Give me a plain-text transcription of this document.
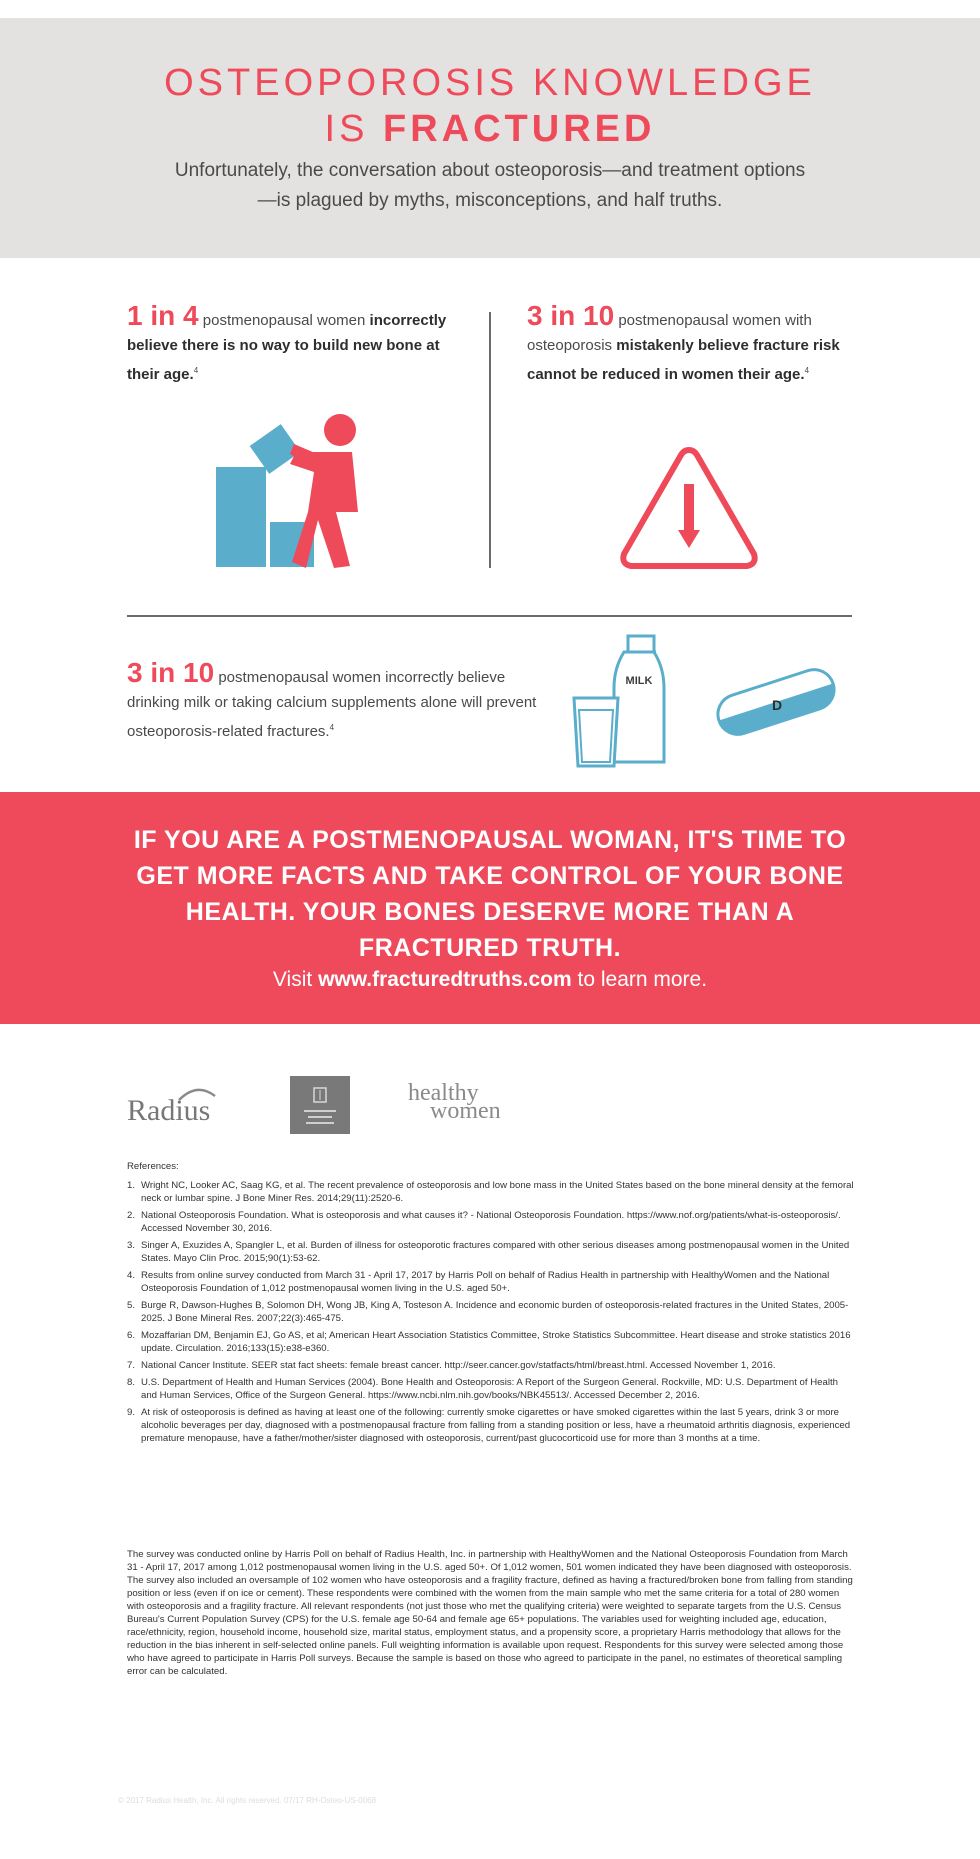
OSTEOPOROSIS KNOWLEDGE
IS FRACTURED
Unfortunately, the conversation about osteoporosis—and treatment options—is plagued by myths, misconceptions, and half truths.
1 in 4 postmenopausal women incorrectly believe there is no way to build new bone at their age.$^4$
3 in 10 postmenopausal women with osteoporosis mistakenly believe fracture risk cannot be reduced in women their age.$^4$
3 in 10 postmenopausal women incorrectly believe drinking milk or taking calcium supplements alone will prevent osteoporosis-related fractures.$^4$
MILK
D
IF YOU ARE A POSTMENOPAUSAL WOMAN, IT'S TIME TO GET MORE FACTS AND TAKE CONTROL OF YOUR BONE HEALTH. YOUR BONES DESERVE MORE THAN A FRACTURED TRUTH.
Visit www.fracturedtruths.com to learn more.
Radius
healthy
women
References:
1. Wright NC, Looker AC, Saag KG, et al. The recent prevalence of osteoporosis and low bone mass in the United States based on the bone mineral density at the femoral neck or lumbar spine. J Bone Miner Res. 2014;29(11):2520-6.
2. National Osteoporosis Foundation. What is osteoporosis and what causes it? - National Osteoporosis Foundation. https://www.nof.org/patients/what-is-osteoporosis/. Accessed November 30, 2016.
3. Singer A, Exuzides A, Spangler L, et al. Burden of illness for osteoporotic fractures compared with other serious diseases among postmenopausal women in the United States. Mayo Clin Proc. 2015;90(1):53-62.
4. Results from online survey conducted from March 31 - April 17, 2017 by Harris Poll on behalf of Radius Health in partnership with HealthyWomen and the National Osteoporosis Foundation of 1,012 postmenopausal women living in the U.S. aged 50+.
5. Burge R, Dawson-Hughes B, Solomon DH, Wong JB, King A, Tosteson A. Incidence and economic burden of osteoporosis-related fractures in the United States, 2005-2025. J Bone Mineral Res. 2007;22(3):465-475.
6. Mozaffarian DM, Benjamin EJ, Go AS, et al; American Heart Association Statistics Committee, Stroke Statistics Subcommittee. Heart disease and stroke statistics 2016 update. Circulation. 2016;133(15):e38-e360.
7. National Cancer Institute. SEER stat fact sheets: female breast cancer. http://seer.cancer.gov/statfacts/html/breast.html. Accessed November 1, 2016.
8. U.S. Department of Health and Human Services (2004). Bone Health and Osteoporosis: A Report of the Surgeon General. Rockville, MD: U.S. Department of Health and Human Services, Office of the Surgeon General. https://www.ncbi.nlm.nih.gov/books/NBK45513/. Accessed December 2, 2016.
9. At risk of osteoporosis is defined as having at least one of the following: currently smoke cigarettes or have smoked cigarettes within the last 5 years, drink 3 or more alcoholic beverages per day, diagnosed with a postmenopausal fracture from falling from a standing position or less, have a rheumatoid arthritis diagnosis, experienced premature menopause, have a father/mother/sister diagnosed with osteoporosis, current/past glucocorticoid use for more than 3 months at a time.
The survey was conducted online by Harris Poll on behalf of Radius Health, Inc. in partnership with HealthyWomen and the National Osteoporosis Foundation from March 31 - April 17, 2017 among 1,012 postmenopausal women living in the U.S. aged 50+. Of 1,012 women, 501 women indicated they have been diagnosed with osteoporosis. The survey also included an oversample of 102 women who have osteoporosis and a fragility fracture, defined as having a fractured/broken bone from falling from standing position or less (even if on ice or cement). These respondents were combined with the women from the main sample who met the same criteria for a total of 280 women with osteoporosis and a fragility fracture. All relevant respondents (not just those who met the qualifying criteria) were weighted to separate targets from the U.S. Census Bureau's Current Population Survey (CPS) for the U.S. female age 50-64 and female age 65+ populations. The variables used for weighting included age, education, race/ethnicity, region, household income, household size, marital status, employment status, and a propensity score, a proprietary Harris methodology that allows for the reduction in the bias inherent in self-selected online panels. Full weighting information is available upon request. Respondents for this survey were selected among those who have agreed to participate in Harris Poll surveys. Because the sample is based on those who agreed to participate in the panel, no estimates of theoretical sampling error can be calculated.
© 2017 Radius Health, Inc. All rights reserved. 07/17 RH-Osteo-US-0068
